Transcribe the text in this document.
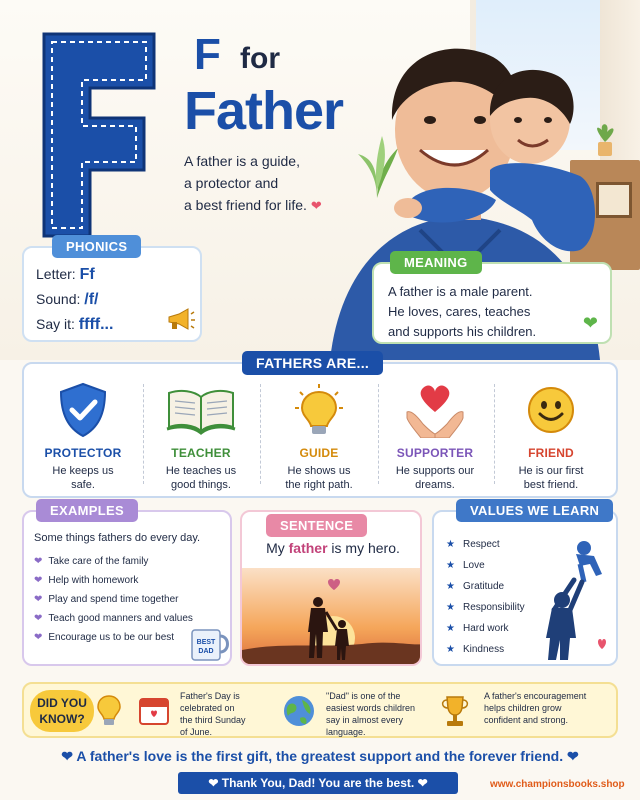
F for
Father
A father is a guide,
a protector and
a best friend for life. ❤
PHONICS
Letter: Ff
Sound: /f/
Say it: ffff...
MEANING
A father is a male parent.
He loves, cares, teaches
and supports his children.	❤
FATHERS ARE...
PROTECTOR
He keeps us
safe.
TEACHER
He teaches us
good things.
GUIDE
He shows us
the right path.
SUPPORTER
He supports our
dreams.
FRIEND
He is our first
best friend.
EXAMPLES
Some things fathers do every day.
❤ Take care of the family
❤ Help with homework
❤ Play and spend time together
❤ Teach good manners and values
❤ Encourage us to be our best	BEST
DAD
SENTENCE
My father is my hero.
VALUES WE LEARN
★ Respect
★ Love
★ Gratitude
★ Responsibility
★ Hard work
★ Kindness
DID YOU
KNOW?
Father's Day is
celebrated on
the third Sunday
of June.
"Dad" is one of the
easiest words children
say in almost every
language.
A father's encouragement
helps children grow
confident and strong.
❤ A father's love is the first gift, the greatest support and the forever friend. ❤
❤ Thank You, Dad! You are the best. ❤	www.championsbooks.shop
